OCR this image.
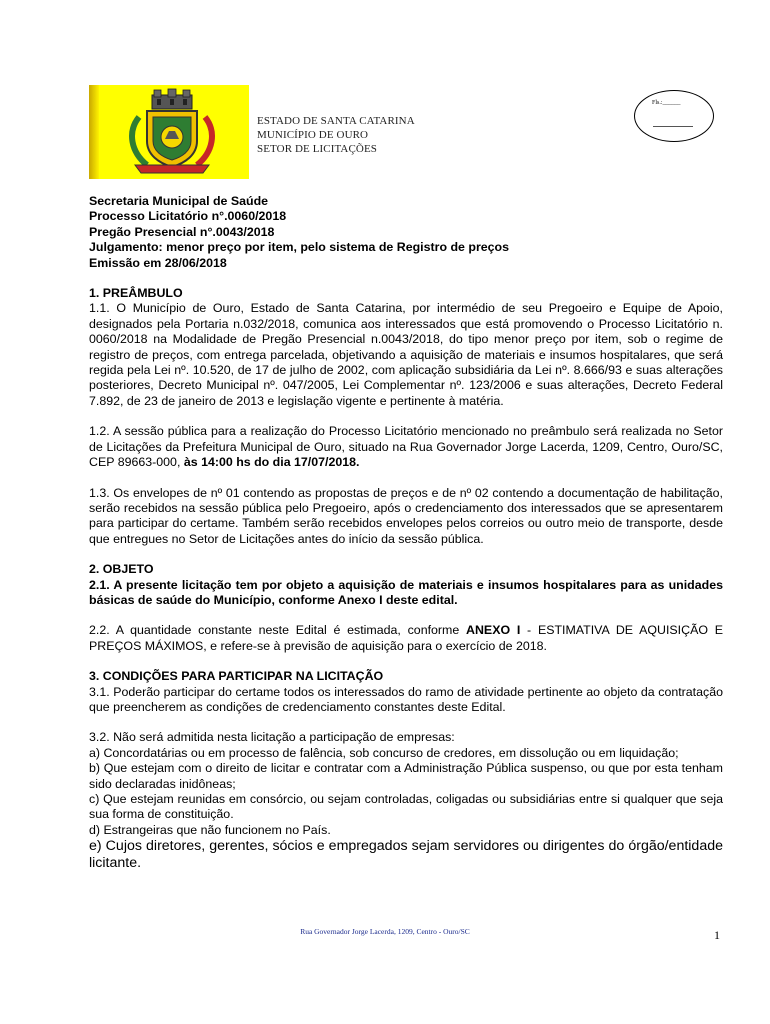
ESTADO DE SANTA CATARINA
MUNICÍPIO DE OURO
SETOR DE LICITAÇÕES
Fls.:______
Secretaria Municipal de Saúde
Processo Licitatório n°.0060/2018
Pregão Presencial n°.0043/2018
Julgamento: menor preço por item, pelo sistema de Registro de preços
Emissão em 28/06/2018
1. PREÂMBULO

1.1. O Município de Ouro, Estado de Santa Catarina, por intermédio de seu Pregoeiro e Equipe de Apoio, designados pela Portaria n.032/2018, comunica aos interessados que está promovendo o Processo Licitatório n. 0060/2018 na Modalidade de Pregão Presencial n.0043/2018, do tipo menor preço por item, sob o regime de registro de preços, com entrega parcelada, objetivando a aquisição de materiais e insumos hospitalares, que será regida pela Lei nº. 10.520, de 17 de julho de 2002, com aplicação subsidiária da Lei nº. 8.666/93 e suas alterações posteriores, Decreto Municipal nº. 047/2005, Lei Complementar nº. 123/2006 e suas alterações, Decreto Federal 7.892, de 23 de janeiro de 2013 e legislação vigente e pertinente à matéria.

1.2. A sessão pública para a realização do Processo Licitatório mencionado no preâmbulo será realizada no Setor de Licitações da Prefeitura Municipal de Ouro, situado na Rua Governador Jorge Lacerda, 1209, Centro, Ouro/SC, CEP 89663-000, às 14:00 hs do dia 17/07/2018.

1.3. Os envelopes de nº 01 contendo as propostas de preços e de nº 02 contendo a documentação de habilitação, serão recebidos na sessão pública pelo Pregoeiro, após o credenciamento dos interessados que se apresentarem para participar do certame. Também serão recebidos envelopes pelos correios ou outro meio de transporte, desde que entregues no Setor de Licitações antes do início da sessão pública.

2. OBJETO

2.1. A presente licitação tem por objeto a aquisição de materiais e insumos hospitalares para as unidades básicas de saúde do Município, conforme Anexo I deste edital.

2.2. A quantidade constante neste Edital é estimada, conforme ANEXO I - ESTIMATIVA DE AQUISIÇÃO E PREÇOS MÁXIMOS, e refere-se à previsão de aquisição para o exercício de 2018.

3. CONDIÇÕES PARA PARTICIPAR NA LICITAÇÃO

3.1. Poderão participar do certame todos os interessados do ramo de atividade pertinente ao objeto da contratação que preencherem as condições de credenciamento constantes deste Edital.

3.2. Não será admitida nesta licitação a participação de empresas:

a) Concordatárias ou em processo de falência, sob concurso de credores, em dissolução ou em liquidação;

b) Que estejam com o direito de licitar e contratar com a Administração Pública suspenso, ou que por esta tenham sido declaradas inidôneas;

c) Que estejam reunidas em consórcio, ou sejam controladas, coligadas ou subsidiárias entre si qualquer que seja sua forma de constituição.

d) Estrangeiras que não funcionem no País.

e) Cujos diretores, gerentes, sócios e empregados sejam servidores ou dirigentes do órgão/entidade licitante.

Rua Governador Jorge Lacerda, 1209, Centro - Ouro/SC	1
